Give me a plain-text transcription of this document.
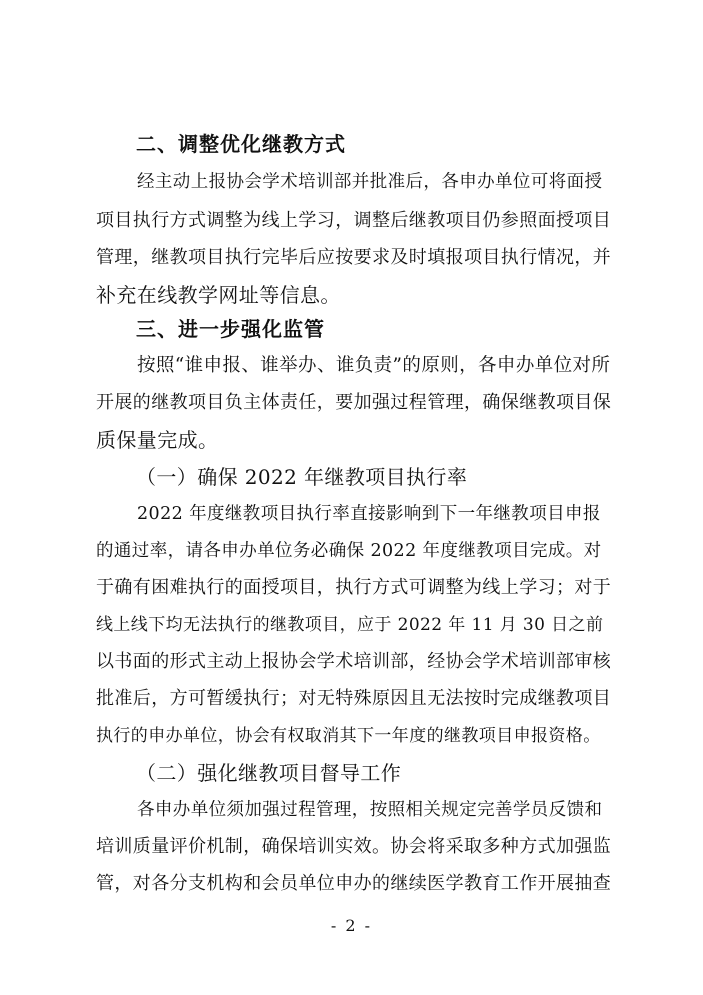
二、调整优化继教方式
经主动上报协会学术培训部并批准后，各申办单位可将面授
项目执行方式调整为线上学习，调整后继教项目仍参照面授项目
管理，继教项目执行完毕后应按要求及时填报项目执行情况，并
补充在线教学网址等信息。
三、进一步强化监管
按照“谁申报、谁举办、谁负责”的原则，各申办单位对所
开展的继教项目负主体责任，要加强过程管理，确保继教项目保
质保量完成。
（一）确保 2022 年继教项目执行率
2022 年度继教项目执行率直接影响到下一年继教项目申报
的通过率，请各申办单位务必确保 2022 年度继教项目完成。对
于确有困难执行的面授项目，执行方式可调整为线上学习；对于
线上线下均无法执行的继教项目，应于 2022 年 11 月 30 日之前
以书面的形式主动上报协会学术培训部，经协会学术培训部审核
批准后，方可暂缓执行；对无特殊原因且无法按时完成继教项目
执行的申办单位，协会有权取消其下一年度的继教项目申报资格。
（二）强化继教项目督导工作
各申办单位须加强过程管理，按照相关规定完善学员反馈和
培训质量评价机制，确保培训实效。协会将采取多种方式加强监
管，对各分支机构和会员单位申办的继续医学教育工作开展抽查
- 2 -
